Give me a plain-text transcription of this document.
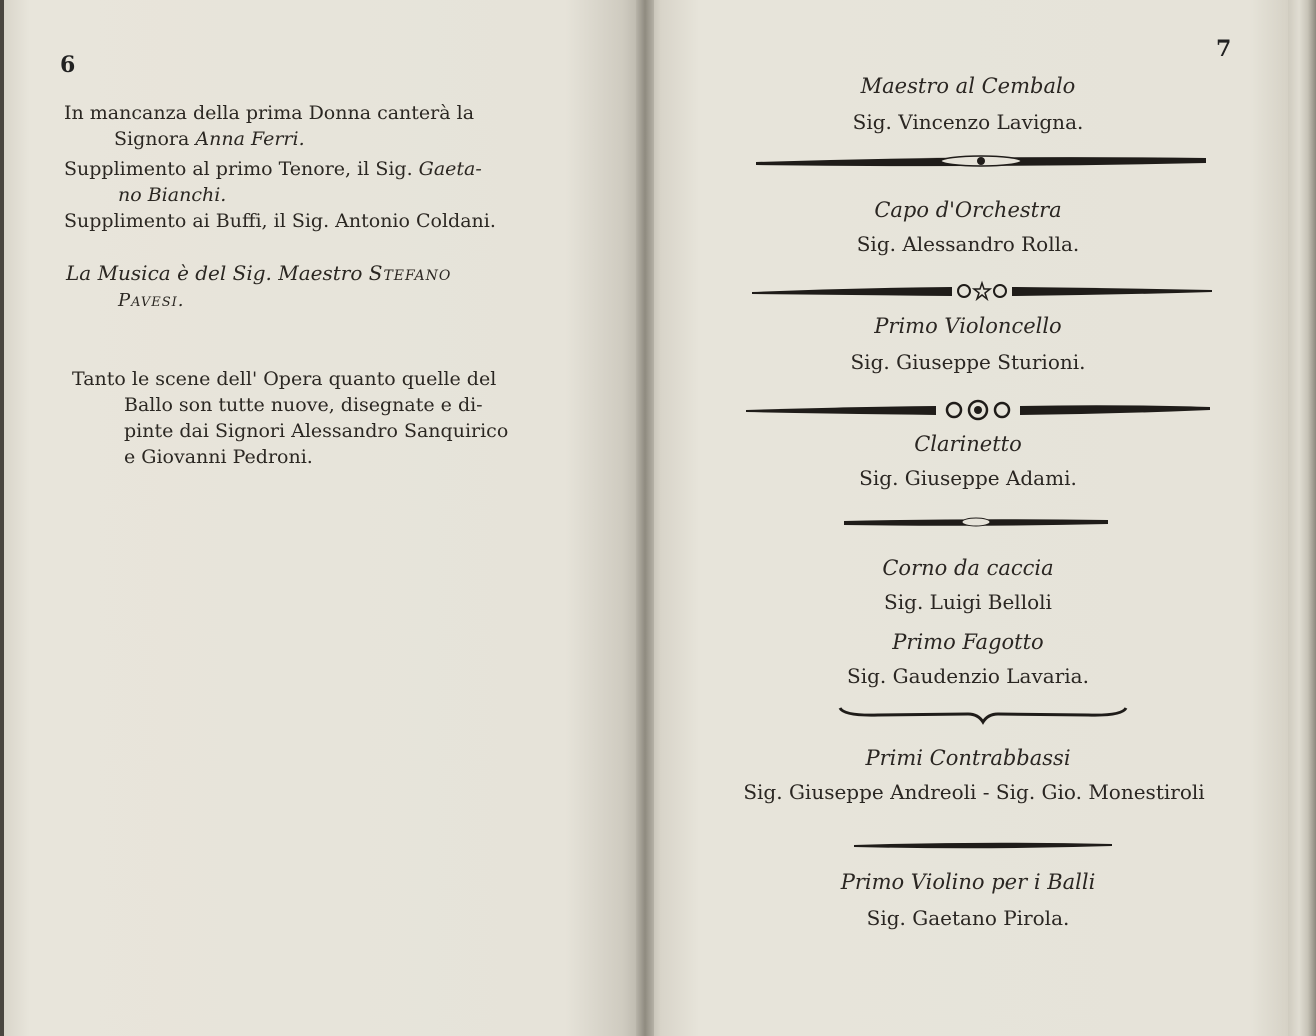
6
In mancanza della prima Donna canterà la
Signora Anna Ferri.
Supplimento al primo Tenore, il Sig. Gaeta-
no Bianchi.
Supplimento ai Buffi, il Sig. Antonio Coldani.
La Musica è del Sig. Maestro Stefano
Pavesi.
Tanto le scene dell' Opera quanto quelle del
Ballo son tutte nuove, disegnate e di-
pinte dai Signori Alessandro Sanquirico
e Giovanni Pedroni.
7
Maestro al Cembalo
Sig. Vincenzo Lavigna.
Capo d'Orchestra
Sig. Alessandro Rolla.
Primo Violoncello
Sig. Giuseppe Sturioni.
Clarinetto
Sig. Giuseppe Adami.
Corno da caccia
Sig. Luigi Belloli
Primo Fagotto
Sig. Gaudenzio Lavaria.
Primi Contrabbassi
Sig. Giuseppe Andreoli - Sig. Gio. Monestiroli
Primo Violino per i Balli
Sig. Gaetano Pirola.
